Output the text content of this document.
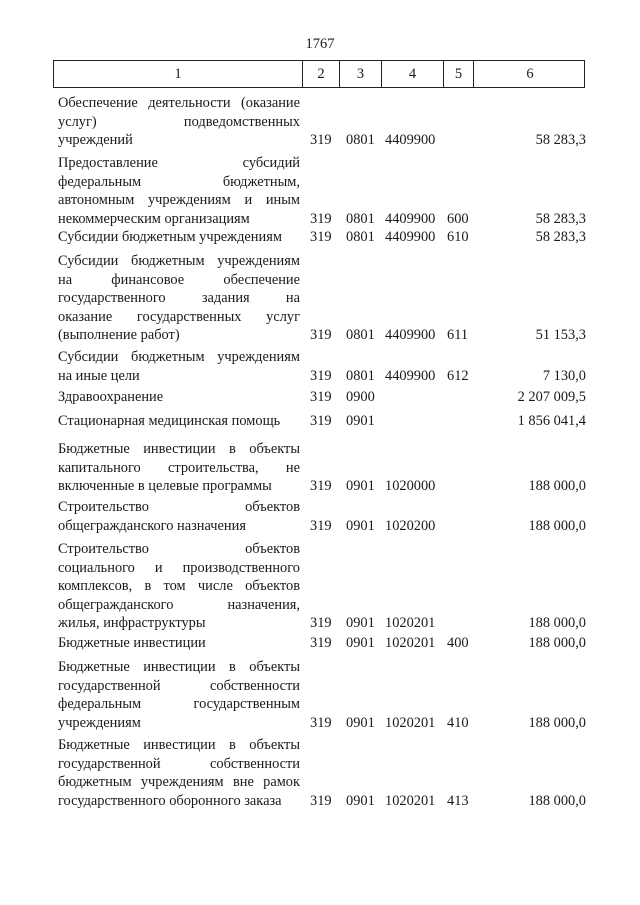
1767
1	2	3	4	5	6
Обеспечение деятельности (оказание
услуг) подведомственных
учреждений	319 0801 4409900	58 283,3
Предоставление субсидий
федеральным бюджетным,
автономным учреждениям и иным
некоммерческим организациям	319 0801 4409900 600	58 283,3
Субсидии бюджетным учреждениям	319 0801 4409900 610	58 283,3
Субсидии бюджетным учреждениям
на финансовое обеспечение
государственного задания на
оказание государственных услуг
(выполнение работ)	319 0801 4409900 611	51 153,3
Субсидии бюджетным учреждениям
на иные цели	319 0801 4409900 612	7 130,0
Здравоохранение	319 0900	2 207 009,5
Стационарная медицинская помощь	319 0901	1 856 041,4
Бюджетные инвестиции в объекты
капитального строительства, не
включенные в целевые программы	319 0901 1020000	188 000,0
Строительство объектов
общегражданского назначения	319 0901 1020200	188 000,0
Строительство объектов
социального и производственного
комплексов, в том числе объектов
общегражданского назначения,
жилья, инфраструктуры	319 0901 1020201	188 000,0
Бюджетные инвестиции	319 0901 1020201 400	188 000,0
Бюджетные инвестиции в объекты
государственной собственности
федеральным государственным
учреждениям	319 0901 1020201 410	188 000,0
Бюджетные инвестиции в объекты
государственной собственности
бюджетным учреждениям вне рамок
государственного оборонного заказа	319 0901 1020201 413	188 000,0
